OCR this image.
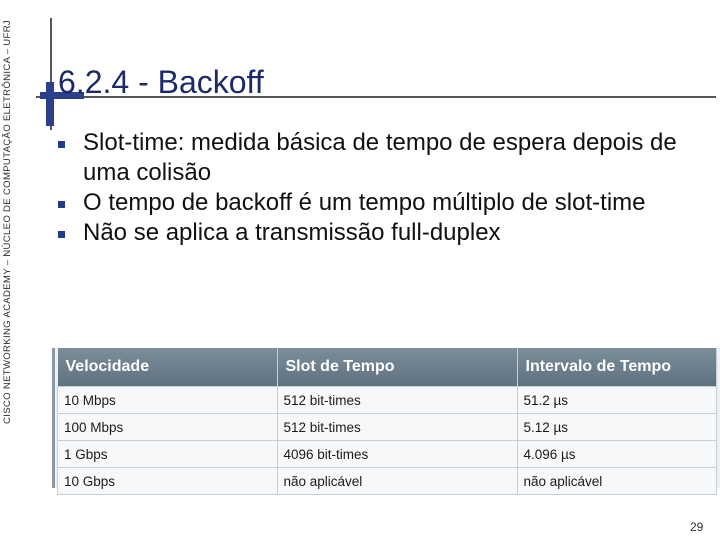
CISCO NETWORKING ACADEMY – NÚCLEO DE COMPUTAÇÃO ELETRÔNICA – UFRJ 6.2.4 - Backoff
Slot-time: medida básica de tempo de espera depois de uma colisão
O tempo de backoff é um tempo múltiplo de slot-time
Não se aplica a transmissão full-duplex
Velocidade	Slot de Tempo	Intervalo de Tempo
10 Mbps	512 bit-times	51.2 µs
100 Mbps	512 bit-times	5.12 µs
1 Gbps	4096 bit-times	4.096 µs
10 Gbps	não aplicável	não aplicável
29
